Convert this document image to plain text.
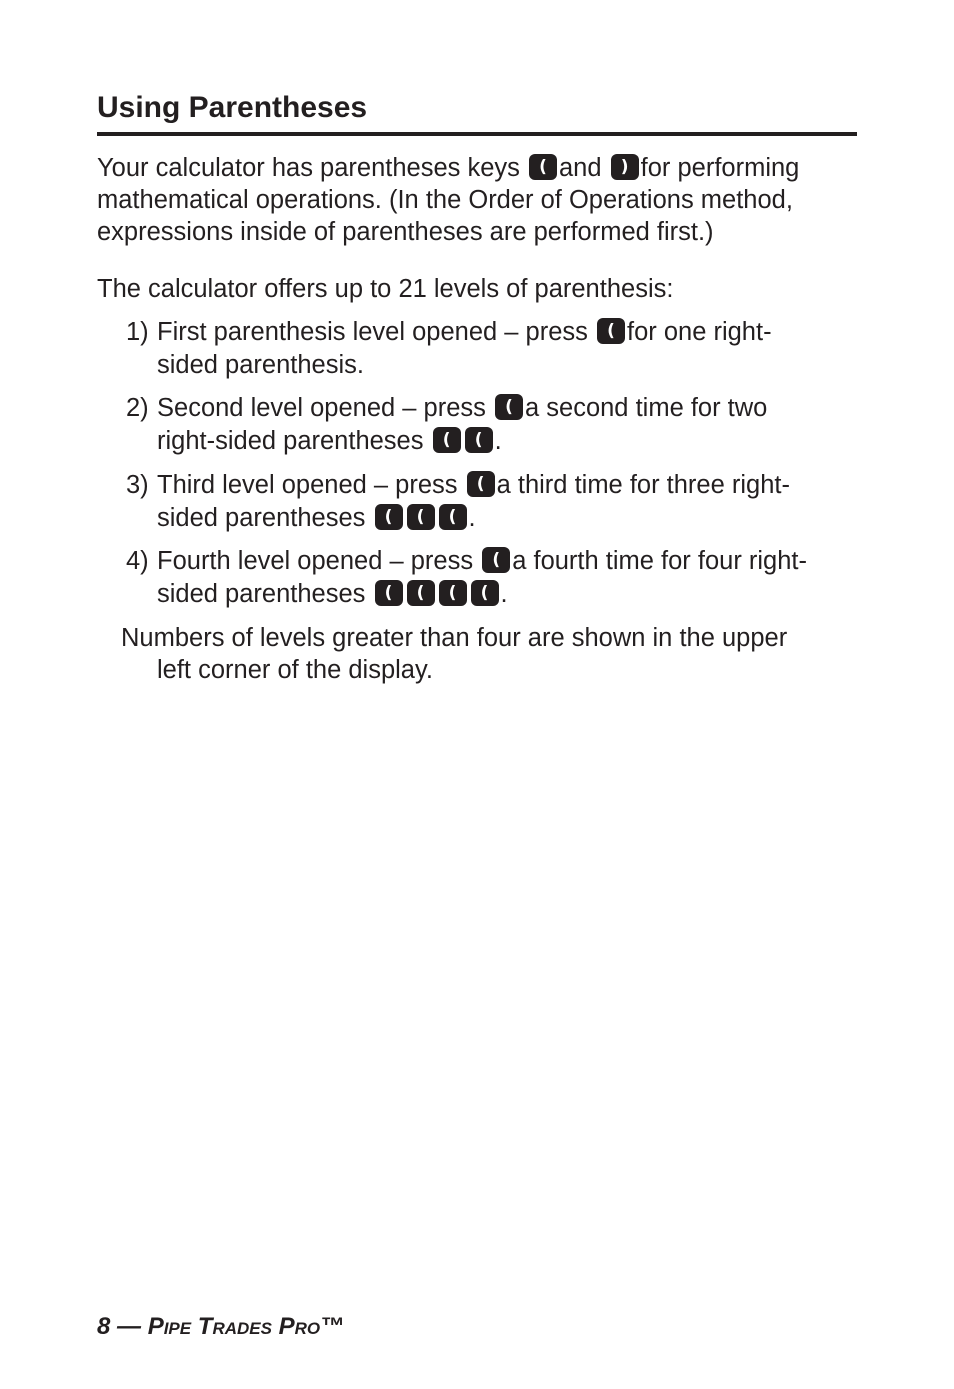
Using Parentheses

Your calculator has parentheses keys	( and	) for performing
mathematical operations. (In the Order of Operations method,
expressions inside of parentheses are performed first.)

The calculator offers up to 21 levels of parenthesis:

1) First parenthesis level opened – press	( for one right-
sided parenthesis.

2) Second level opened – press	( a second time for two
right-sided parentheses	(	( .

3) Third level opened – press	( a third time for three right-
sided parentheses	(	(	( .

4) Fourth level opened – press	( a fourth time for four right-
sided parentheses	(	(	(	( .

Numbers of levels greater than four are shown in the upper
left corner of the display.

8 — Pipe Trades Pro™
